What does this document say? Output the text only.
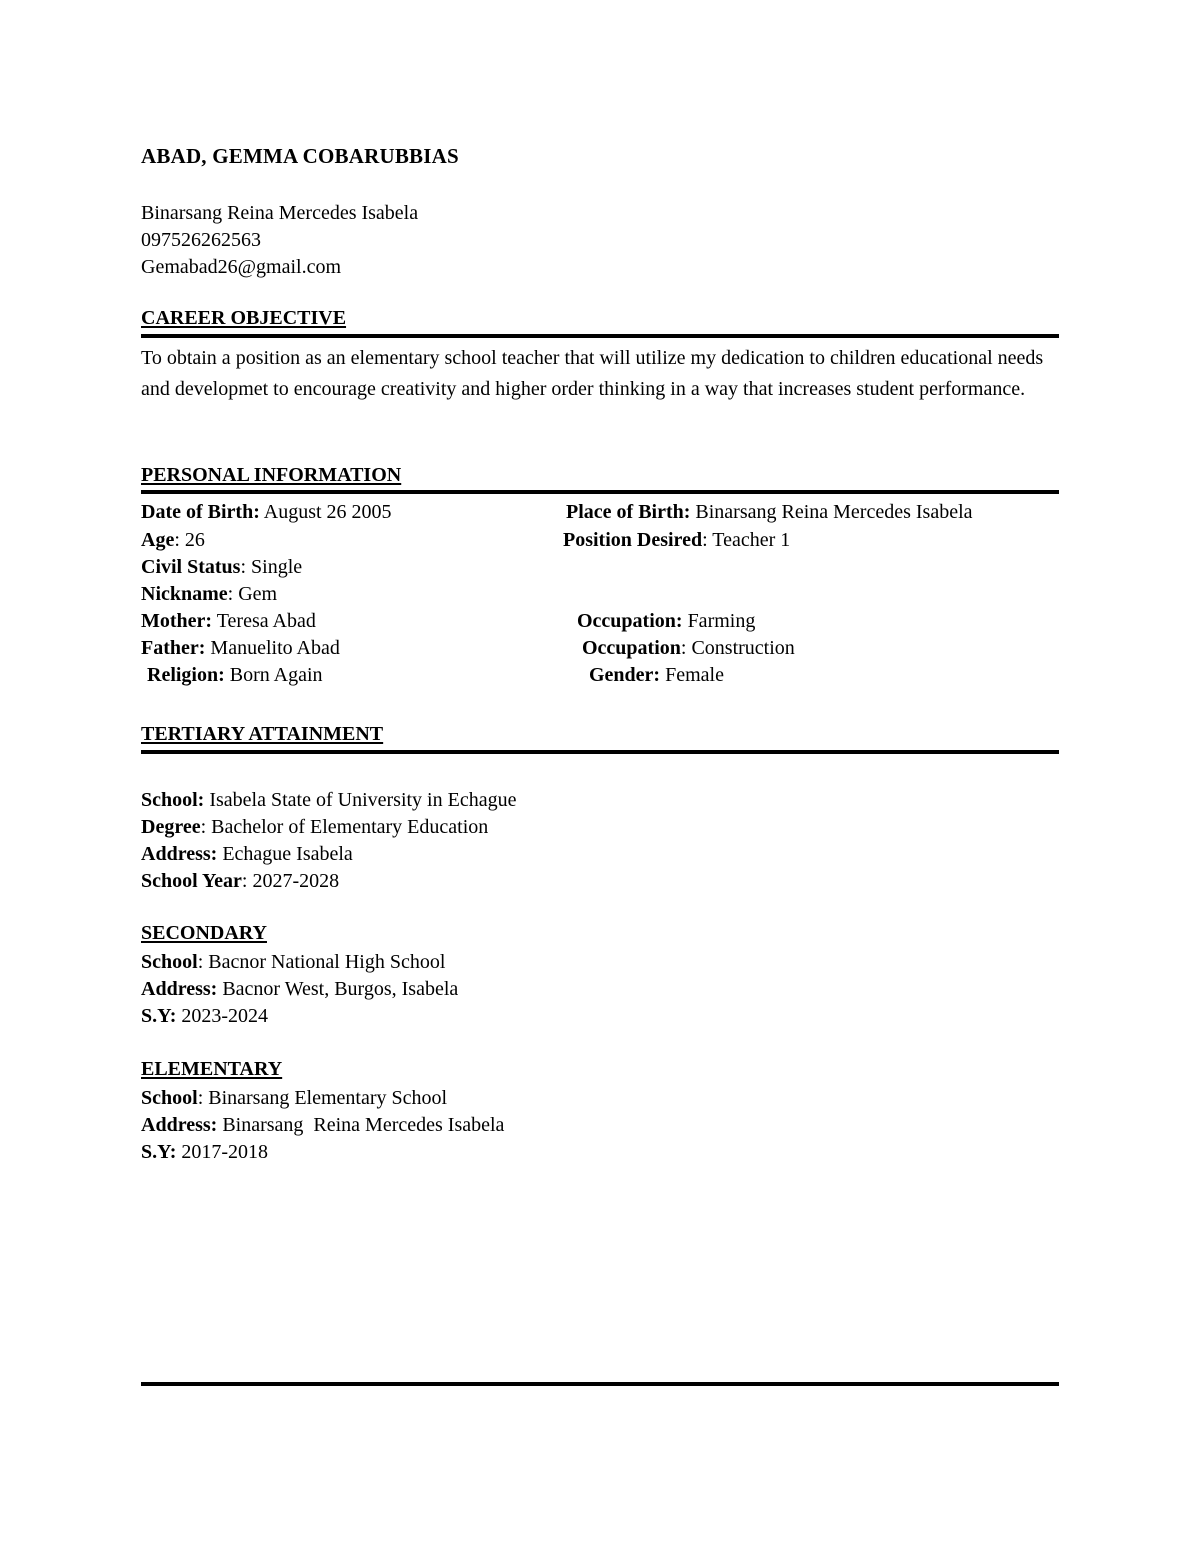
ABAD, GEMMA COBARUBBIAS
Binarsang Reina Mercedes Isabela
097526262563
Gemabad26@gmail.com
CAREER OBJECTIVE
To obtain a position as an elementary school teacher that will utilize my dedication to children educational needs and developmet to encourage creativity and higher order thinking in a way that increases student performance.
PERSONAL INFORMATION
Date of Birth: August 26 2005	Place of Birth: Binarsang Reina Mercedes Isabela
Age: 26	Position Desired: Teacher 1
Civil Status: Single
Nickname: Gem
Mother: Teresa Abad	Occupation: Farming
Father: Manuelito Abad	Occupation: Construction
Religion: Born Again	Gender: Female
TERTIARY ATTAINMENT
School: Isabela State of University in Echague
Degree: Bachelor of Elementary Education
Address: Echague Isabela
School Year: 2027-2028
SECONDARY
School: Bacnor National High School
Address: Bacnor West, Burgos, Isabela
S.Y: 2023-2024
ELEMENTARY
School: Binarsang Elementary School
Address: Binarsang  Reina Mercedes Isabela
S.Y: 2017-2018
